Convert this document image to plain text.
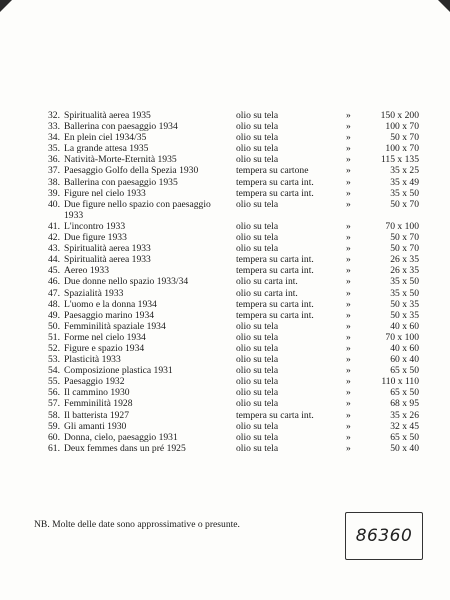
32. Spiritualità aerea 1935	olio su tela	»	150 x 200
33. Ballerina con paesaggio 1934	olio su tela	»	100 x 70
34. En plein ciel 1934/35	olio su tela	»	50 x 70
35. La grande attesa 1935	olio su tela	»	100 x 70
36. Natività-Morte-Eternità 1935	olio su tela	»	115 x 135
37. Paesaggio Golfo della Spezia 1930	tempera su cartone	»	35 x 25
38. Ballerina con paesaggio 1935	tempera su carta int.	»	35 x 49
39. Figure nel cielo 1933	tempera su carta int.	»	35 x 50
40. Due figure nello spazio con paesaggio 1933
olio su tela	»	50 x 70
41. L'incontro 1933	olio su tela	»	70 x 100
42. Due figure 1933	olio su tela	»	50 x 70
43. Spiritualità aerea 1933	olio su tela	»	50 x 70
44. Spiritualità aerea 1933	tempera su carta int.	»	26 x 35
45. Aereo 1933	tempera su carta int.	»	26 x 35
46. Due donne nello spazio 1933/34	olio su carta int.	»	35 x 50
47. Spazialità 1933	olio su carta int.	»	35 x 50
48. L'uomo e la donna 1934	tempera su carta int.	»	50 x 35
49. Paesaggio marino 1934	tempera su carta int.	»	50 x 35
50. Femminilità spaziale 1934	olio su tela	»	40 x 60
51. Forme nel cielo 1934	olio su tela	»	70 x 100
52. Figure e spazio 1934	olio su tela	»	40 x 60
53. Plasticità 1933	olio su tela	»	60 x 40
54. Composizione plastica 1931	olio su tela	»	65 x 50
55. Paesaggio 1932	olio su tela	»	110 x 110
56. Il cammino 1930	olio su tela	»	65 x 50
57. Femminilità 1928	olio su tela	»	68 x 95
58. Il batterista 1927	tempera su carta int.	»	35 x 26
59. Gli amanti 1930	olio su tela	»	32 x 45
60. Donna, cielo, paesaggio 1931	olio su tela	»	65 x 50
61. Deux femmes dans un pré 1925	olio su tela	»	50 x 40
NB. Molte delle date sono approssimative o presunte.
86360
